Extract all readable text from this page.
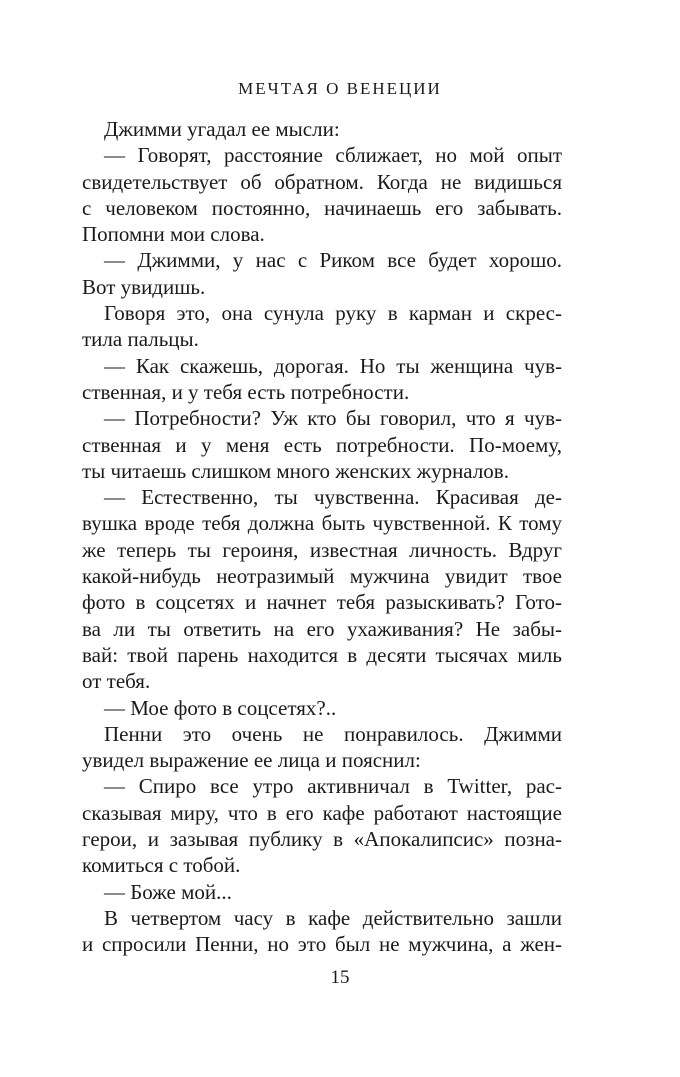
МЕЧТАЯ О ВЕНЕЦИИ
Джимми угадал ее мысли:
— Говорят, расстояние сближает, но мой опыт
свидетельствует об обратном. Когда не видишься
с человеком постоянно, начинаешь его забывать.
Попомни мои слова.
— Джимми, у нас с Риком все будет хорошо.
Вот увидишь.
Говоря это, она сунула руку в карман и скрес-
тила пальцы.
— Как скажешь, дорогая. Но ты женщина чув-
ственная, и у тебя есть потребности.
— Потребности? Уж кто бы говорил, что я чув-
ственная и у меня есть потребности. По-моему,
ты читаешь слишком много женских журналов.
— Естественно, ты чувственна. Красивая де-
вушка вроде тебя должна быть чувственной. К тому
же теперь ты героиня, известная личность. Вдруг
какой-нибудь неотразимый мужчина увидит твое
фото в соцсетях и начнет тебя разыскивать? Гото-
ва ли ты ответить на его ухаживания? Не забы-
вай: твой парень находится в десяти тысячах миль
от тебя.
— Мое фото в соцсетях?..
Пенни это очень не понравилось. Джимми
увидел выражение ее лица и пояснил:
— Спиро все утро активничал в Twitter, рас-
сказывая миру, что в его кафе работают настоящие
герои, и зазывая публику в «Апокалипсис» позна-
комиться с тобой.
— Боже мой...
В четвертом часу в кафе действительно зашли
и спросили Пенни, но это был не мужчина, а жен-
15
